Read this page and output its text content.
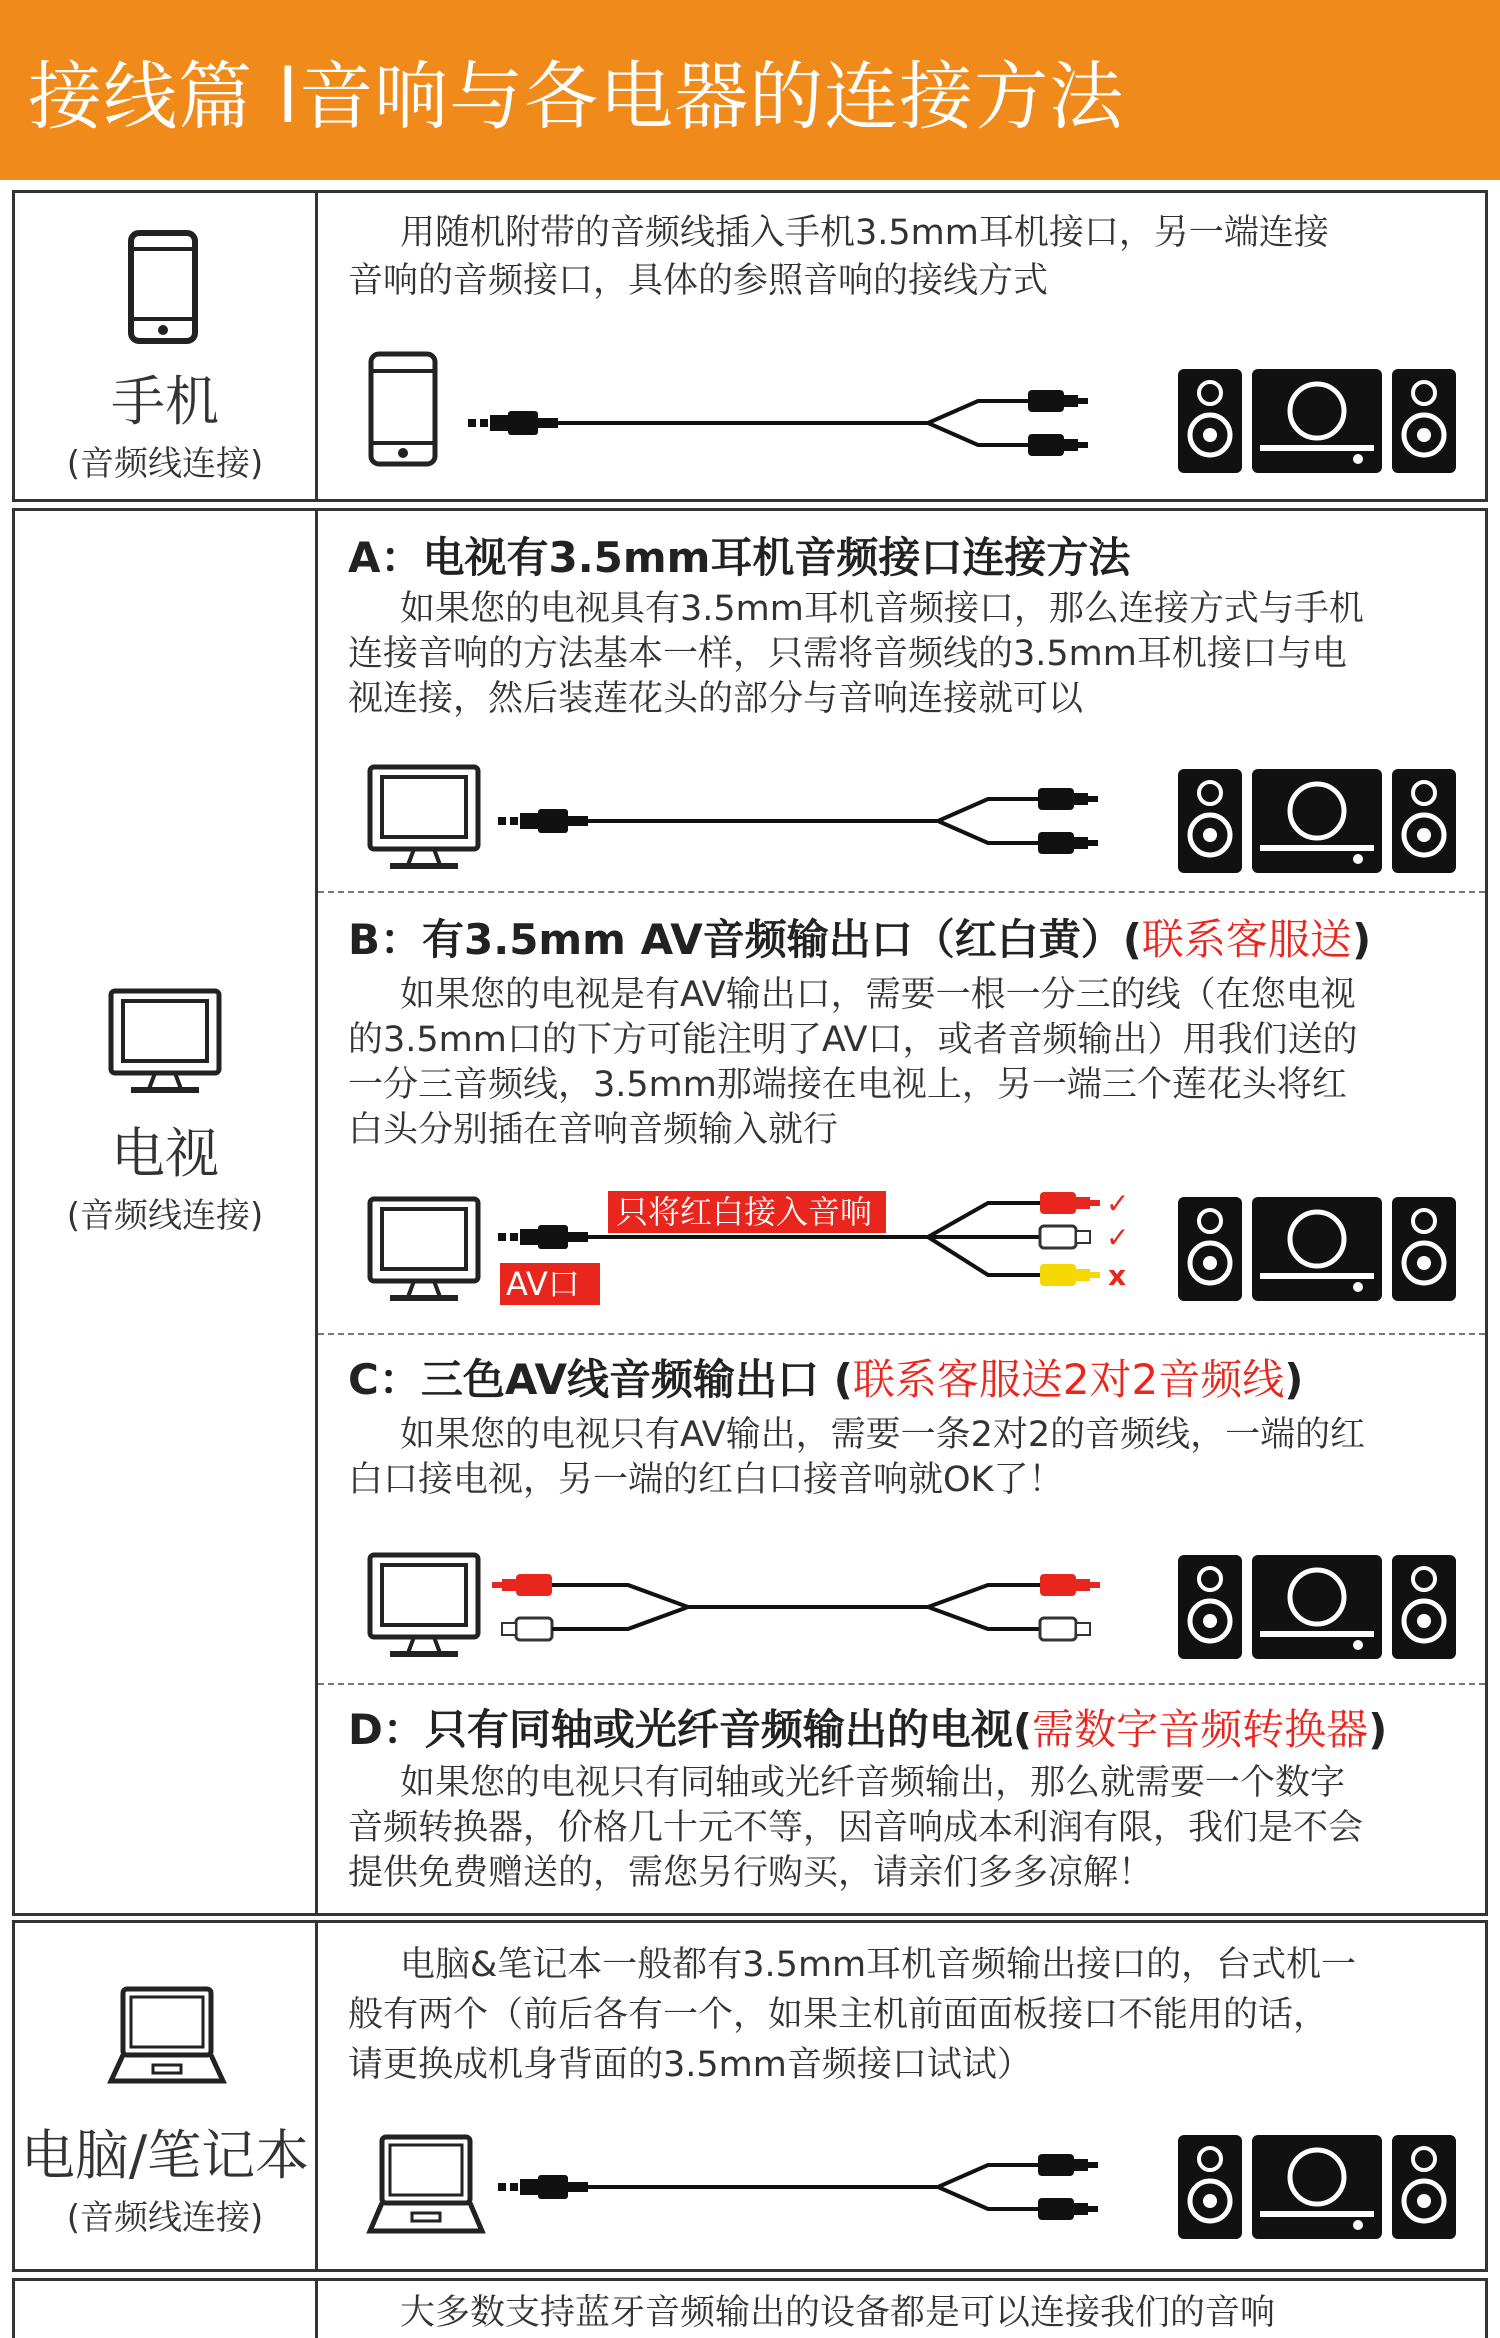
接线篇 l音响与各电器的连接方法
手机
(音频线连接)
用随机附带的音频线插入手机3.5mm耳机接口，另一端连接
音响的音频接口，具体的参照音响的接线方式
电视
(音频线连接)
A：电视有3.5mm耳机音频接口连接方法
如果您的电视具有3.5mm耳机音频接口，那么连接方式与手机
连接音响的方法基本一样，只需将音频线的3.5mm耳机接口与电
视连接，然后装莲花头的部分与音响连接就可以
B：有3.5mm AV音频输出口（红白黄）(联系客服送)
如果您的电视是有AV输出口，需要一根一分三的线（在您电视
的3.5mm口的下方可能注明了AV口，或者音频输出）用我们送的
一分三音频线，3.5mm那端接在电视上，另一端三个莲花头将红
白头分别插在音响音频输入就行
只将红白接入音响
AV口
✓
✓
x
C：三色AV线音频输出口 (联系客服送2对2音频线)
如果您的电视只有AV输出，需要一条2对2的音频线，一端的红
白口接电视，另一端的红白口接音响就OK了！
D：只有同轴或光纤音频输出的电视(需数字音频转换器)
如果您的电视只有同轴或光纤音频输出，那么就需要一个数字
音频转换器，价格几十元不等，因音响成本利润有限，我们是不会
提供免费赠送的，需您另行购买，请亲们多多凉解！
电脑/笔记本
(音频线连接)
电脑&笔记本一般都有3.5mm耳机音频输出接口的，台式机一
般有两个（前后各有一个，如果主机前面面板接口不能用的话，
请更换成机身背面的3.5mm音频接口试试）
大多数支持蓝牙音频输出的设备都是可以连接我们的音响
